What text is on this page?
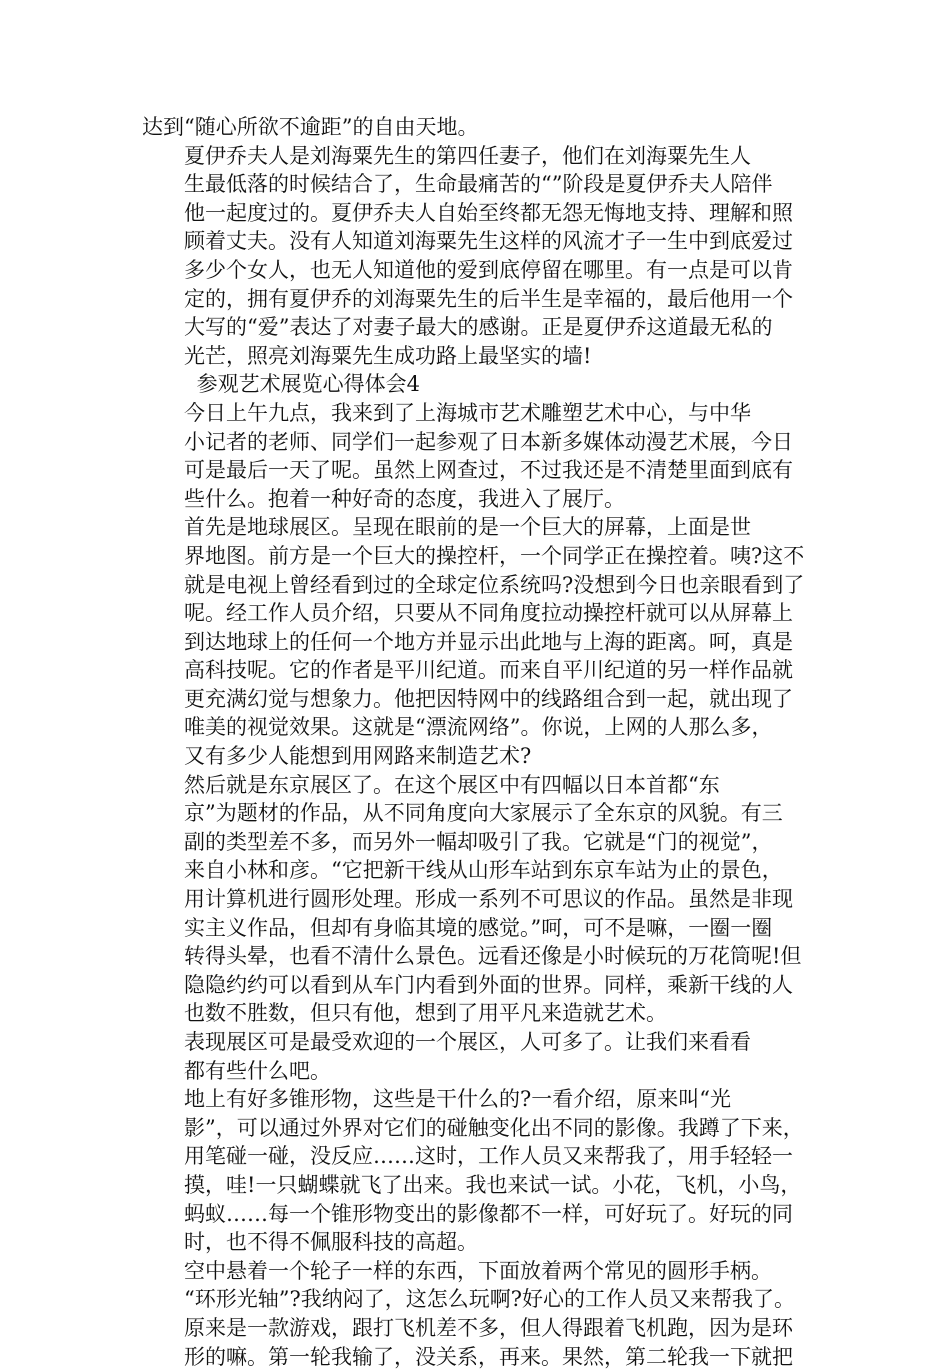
达到“随心所欲不逾距”的自由天地。
夏伊乔夫人是刘海粟先生的第四任妻子，他们在刘海粟先生人
生最低落的时候结合了，生命最痛苦的“”阶段是夏伊乔夫人陪伴
他一起度过的。夏伊乔夫人自始至终都无怨无悔地支持、理解和照
顾着丈夫。没有人知道刘海粟先生这样的风流才子一生中到底爱过
多少个女人，也无人知道他的爱到底停留在哪里。有一点是可以肯
定的，拥有夏伊乔的刘海粟先生的后半生是幸福的，最后他用一个
大写的“爱”表达了对妻子最大的感谢。正是夏伊乔这道最无私的
光芒，照亮刘海粟先生成功路上最坚实的墙!
参观艺术展览心得体会4
今日上午九点，我来到了上海城市艺术雕塑艺术中心，与中华
小记者的老师、同学们一起参观了日本新多媒体动漫艺术展，今日
可是最后一天了呢。虽然上网查过，不过我还是不清楚里面到底有
些什么。抱着一种好奇的态度，我进入了展厅。
首先是地球展区。呈现在眼前的是一个巨大的屏幕，上面是世
界地图。前方是一个巨大的操控杆，一个同学正在操控着。咦?这不
就是电视上曾经看到过的全球定位系统吗?没想到今日也亲眼看到了
呢。经工作人员介绍，只要从不同角度拉动操控杆就可以从屏幕上
到达地球上的任何一个地方并显示出此地与上海的距离。呵，真是
高科技呢。它的作者是平川纪道。而来自平川纪道的另一样作品就
更充满幻觉与想象力。他把因特网中的线路组合到一起，就出现了
唯美的视觉效果。这就是“漂流网络”。你说，上网的人那么多，
又有多少人能想到用网路来制造艺术?
然后就是东京展区了。在这个展区中有四幅以日本首都“东
京”为题材的作品，从不同角度向大家展示了全东京的风貌。有三
副的类型差不多，而另外一幅却吸引了我。它就是“门的视觉”，
来自小林和彦。“它把新干线从山形车站到东京车站为止的景色，
用计算机进行圆形处理。形成一系列不可思议的作品。虽然是非现
实主义作品，但却有身临其境的感觉。”呵，可不是嘛，一圈一圈
转得头晕，也看不清什么景色。远看还像是小时候玩的万花筒呢!但
隐隐约约可以看到从车门内看到外面的世界。同样，乘新干线的人
也数不胜数，但只有他，想到了用平凡来造就艺术。
表现展区可是最受欢迎的一个展区，人可多了。让我们来看看
都有些什么吧。
地上有好多锥形物，这些是干什么的?一看介绍，原来叫“光
影”，可以通过外界对它们的碰触变化出不同的影像。我蹲了下来，
用笔碰一碰，没反应……这时，工作人员又来帮我了，用手轻轻一
摸，哇!一只蝴蝶就飞了出来。我也来试一试。小花，飞机，小鸟，
蚂蚁……每一个锥形物变出的影像都不一样，可好玩了。好玩的同
时，也不得不佩服科技的高超。
空中悬着一个轮子一样的东西，下面放着两个常见的圆形手柄。
“环形光轴”?我纳闷了，这怎么玩啊?好心的工作人员又来帮我了。
原来是一款游戏，跟打飞机差不多，但人得跟着飞机跑，因为是环
形的嘛。第一轮我输了，没关系，再来。果然，第二轮我一下就把
